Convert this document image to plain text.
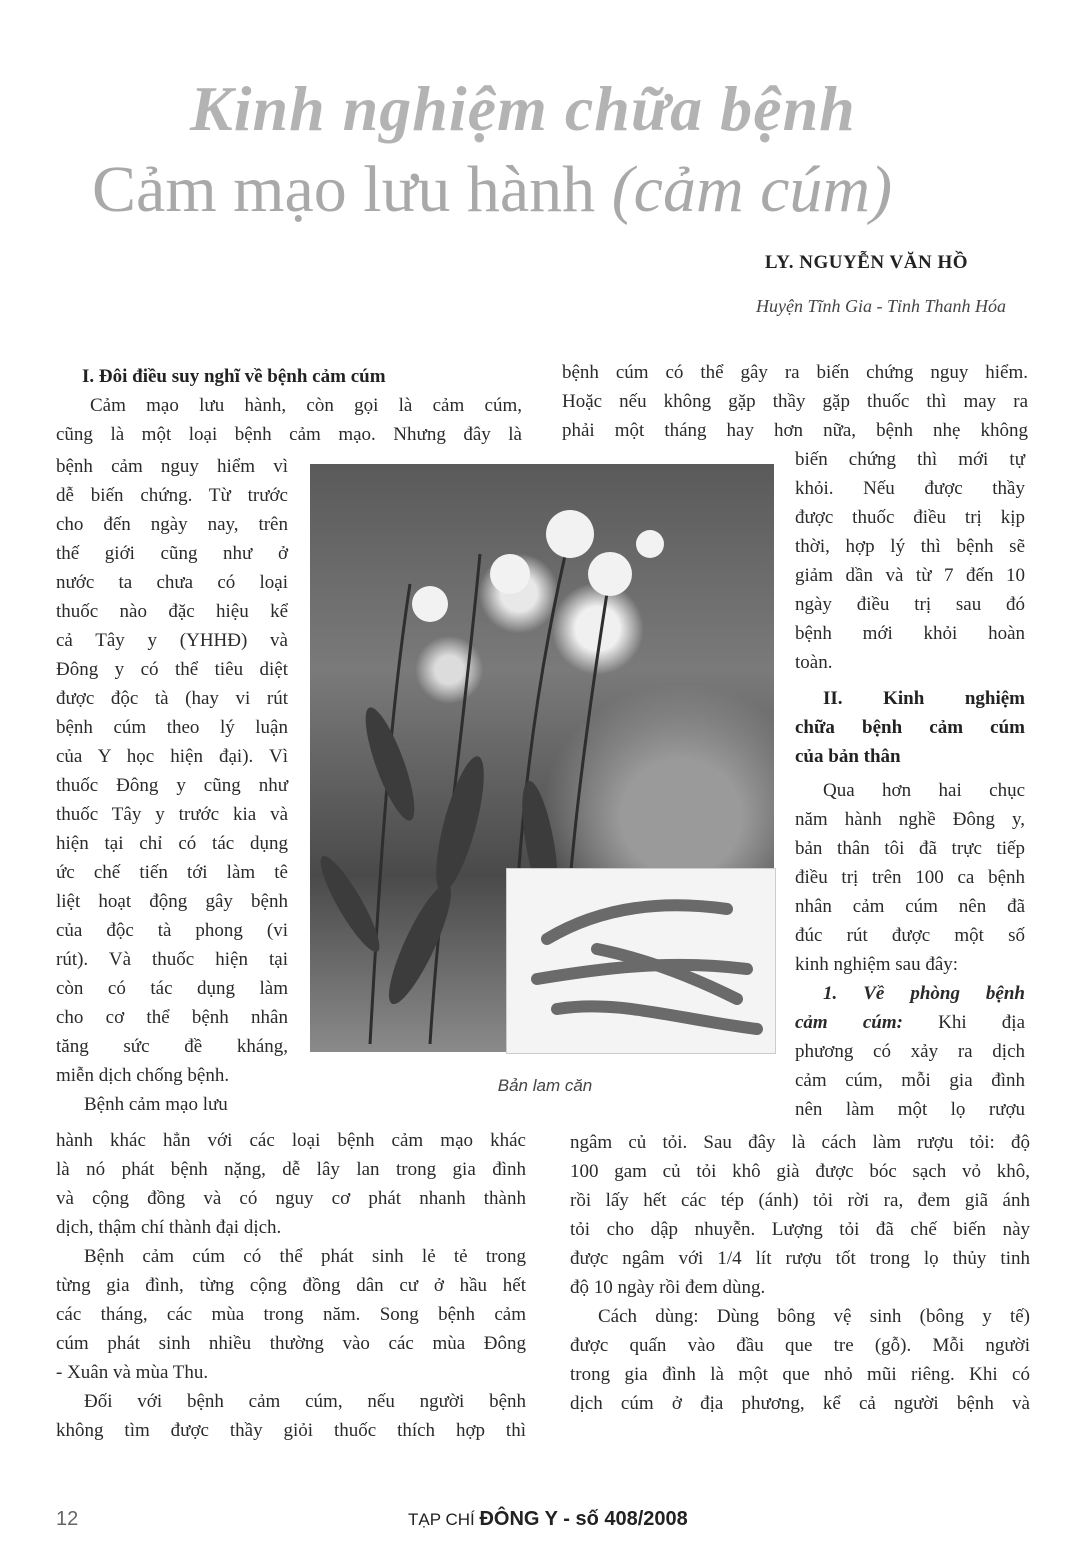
Kinh nghiệm chữa bệnh
Cảm mạo lưu hành (cảm cúm)
LY. NGUYỄN VĂN HỒ
Huyện Tĩnh Gia - Tỉnh Thanh Hóa
I. Đôi điều suy nghĩ về bệnh cảm cúm
Cảm mạo lưu hành, còn gọi là cảm cúm,
cũng là một loại bệnh cảm mạo. Nhưng đây là
bệnh cảm nguy hiểm vì
dễ biến chứng. Từ trước
cho đến ngày nay, trên
thế giới cũng như ở
nước ta chưa có loại
thuốc nào đặc hiệu kể
cả Tây y (YHHĐ) và
Đông y có thể tiêu diệt
được độc tà (hay vi rút
bệnh cúm theo lý luận
của Y học hiện đại). Vì
thuốc Đông y cũng như
thuốc Tây y trước kia và
hiện tại chỉ có tác dụng
ức chế tiến tới làm tê
liệt hoạt động gây bệnh
của độc tà phong (vi
rút). Và thuốc hiện tại
còn có tác dụng làm
cho cơ thể bệnh nhân
tăng sức đề kháng,
miễn dịch chống bệnh.
Bệnh cảm mạo lưu
hành khác hẳn với các loại bệnh cảm mạo khác
là nó phát bệnh nặng, dễ lây lan trong gia đình
và cộng đồng và có nguy cơ phát nhanh thành
dịch, thậm chí thành đại dịch.
Bệnh cảm cúm có thể phát sinh lẻ tẻ trong
từng gia đình, từng cộng đồng dân cư ở hầu hết
các tháng, các mùa trong năm. Song bệnh cảm
cúm phát sinh nhiều thường vào các mùa Đông
- Xuân và mùa Thu.
Đối với bệnh cảm cúm, nếu người bệnh
không tìm được thầy giỏi thuốc thích hợp thì
bệnh cúm có thể gây ra biến chứng nguy hiểm.
Hoặc nếu không gặp thầy gặp thuốc thì may ra
phải một tháng hay hơn nữa, bệnh nhẹ không
biến chứng thì mới tự
khỏi. Nếu được thầy
được thuốc điều trị kịp
thời, hợp lý thì bệnh sẽ
giảm dần và từ 7 đến 10
ngày điều trị sau đó
bệnh mới khỏi hoàn
toàn.
II. Kinh nghiệm
chữa bệnh cảm cúm
của bản thân
Qua hơn hai chục
năm hành nghề Đông y,
bản thân tôi đã trực tiếp
điều trị trên 100 ca bệnh
nhân cảm cúm nên đã
đúc rút được một số
kinh nghiệm sau đây:
1. Về phòng bệnh
cảm cúm: Khi địa
phương có xảy ra dịch
cảm cúm, mỗi gia đình
nên làm một lọ rượu
ngâm củ tỏi. Sau đây là cách làm rượu tỏi: độ
100 gam củ tỏi khô già được bóc sạch vỏ khô,
rồi lấy hết các tép (ánh) tỏi rời ra, đem giã ánh
tỏi cho dập nhuyễn. Lượng tỏi đã chế biến này
được ngâm với 1/4 lít rượu tốt trong lọ thủy tinh
độ 10 ngày rồi đem dùng.
Cách dùng: Dùng bông vệ sinh (bông y tế)
được quấn vào đầu que tre (gỗ). Mỗi người
trong gia đình là một que nhỏ mũi riêng. Khi có
dịch cúm ở địa phương, kể cả người bệnh và
Bản lam căn
12	TẠP CHÍ ĐÔNG Y - số 408/2008
